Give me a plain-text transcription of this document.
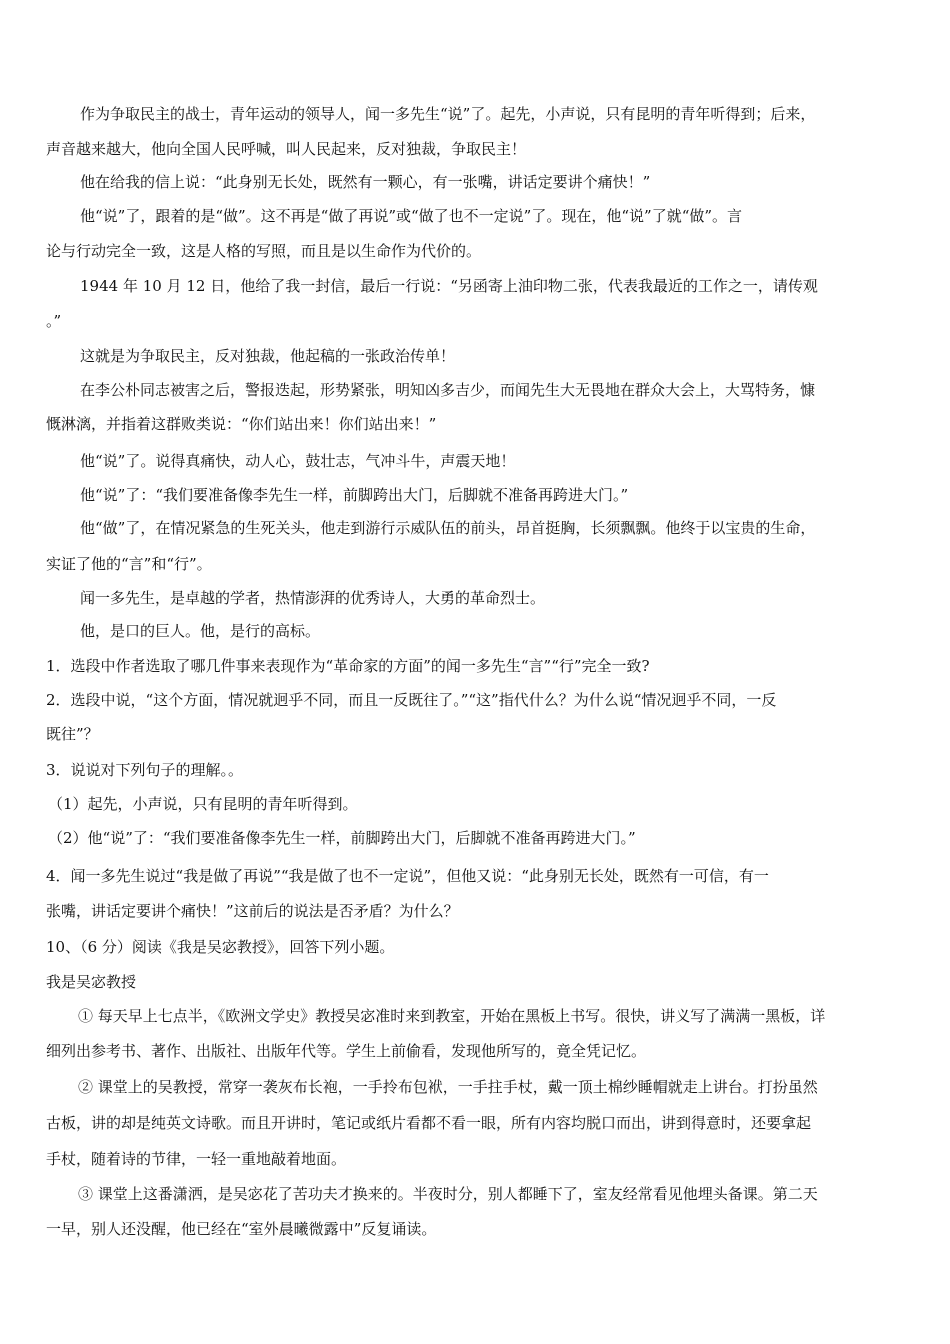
作为争取民主的战士，青年运动的领导人，闻一多先生“说”了。起先，小声说，只有昆明的青年听得到；后来，
声音越来越大，他向全国人民呼喊，叫人民起来，反对独裁，争取民主！
他在给我的信上说：“此身别无长处，既然有一颗心，有一张嘴，讲话定要讲个痛快！”
他“说”了，跟着的是“做”。这不再是“做了再说”或“做了也不一定说”了。现在，他“说”了就“做”。言
论与行动完全一致，这是人格的写照，而且是以生命作为代价的。
1944 年 10 月 12 日，他给了我一封信，最后一行说：“另函寄上油印物二张，代表我最近的工作之一，请传观
。”
这就是为争取民主，反对独裁，他起稿的一张政治传单！
在李公朴同志被害之后，警报迭起，形势紧张，明知凶多吉少，而闻先生大无畏地在群众大会上，大骂特务，慷
慨淋漓，并指着这群败类说：“你们站出来！你们站出来！”
他“说”了。说得真痛快，动人心，鼓壮志，气冲斗牛，声震天地！
他“说”了：“我们要准备像李先生一样，前脚跨出大门，后脚就不准备再跨进大门。”
他“做”了，在情况紧急的生死关头，他走到游行示威队伍的前头，昂首挺胸，长须飘飘。他终于以宝贵的生命，
实证了他的“言”和“行”。
闻一多先生，是卓越的学者，热情澎湃的优秀诗人，大勇的革命烈士。
他，是口的巨人。他，是行的高标。
1．选段中作者选取了哪几件事来表现作为“革命家的方面”的闻一多先生“言”“行”完全一致?
2．选段中说，“这个方面，情况就迥乎不同，而且一反既往了。”“这”指代什么？为什么说“情况迥乎不同，一反
既往”？
3．说说对下列句子的理解。。
（1）起先，小声说，只有昆明的青年听得到。
（2）他“说”了：“我们要准备像李先生一样，前脚跨出大门，后脚就不准备再跨进大门。”
4．闻一多先生说过“我是做了再说”“我是做了也不一定说”，但他又说：“此身别无长处，既然有一可信，有一
张嘴，讲话定要讲个痛快！”这前后的说法是否矛盾？为什么？
10、（6 分）阅读《我是吴宓教授》，回答下列小题。
我是吴宓教授
① 每天早上七点半，《欧洲文学史》教授吴宓准时来到教室，开始在黑板上书写。很快，讲义写了满满一黑板，详
细列出参考书、著作、出版社、出版年代等。学生上前偷看，发现他所写的，竟全凭记忆。
② 课堂上的吴教授，常穿一袭灰布长袍，一手拎布包袱，一手拄手杖，戴一顶土棉纱睡帽就走上讲台。打扮虽然
古板，讲的却是纯英文诗歌。而且开讲时，笔记或纸片看都不看一眼，所有内容均脱口而出，讲到得意时，还要拿起
手杖，随着诗的节律，一轻一重地敲着地面。
③ 课堂上这番潇洒，是吴宓花了苦功夫才换来的。半夜时分，别人都睡下了，室友经常看见他埋头备课。第二天
一早，别人还没醒，他已经在“室外晨曦微露中”反复诵读。
